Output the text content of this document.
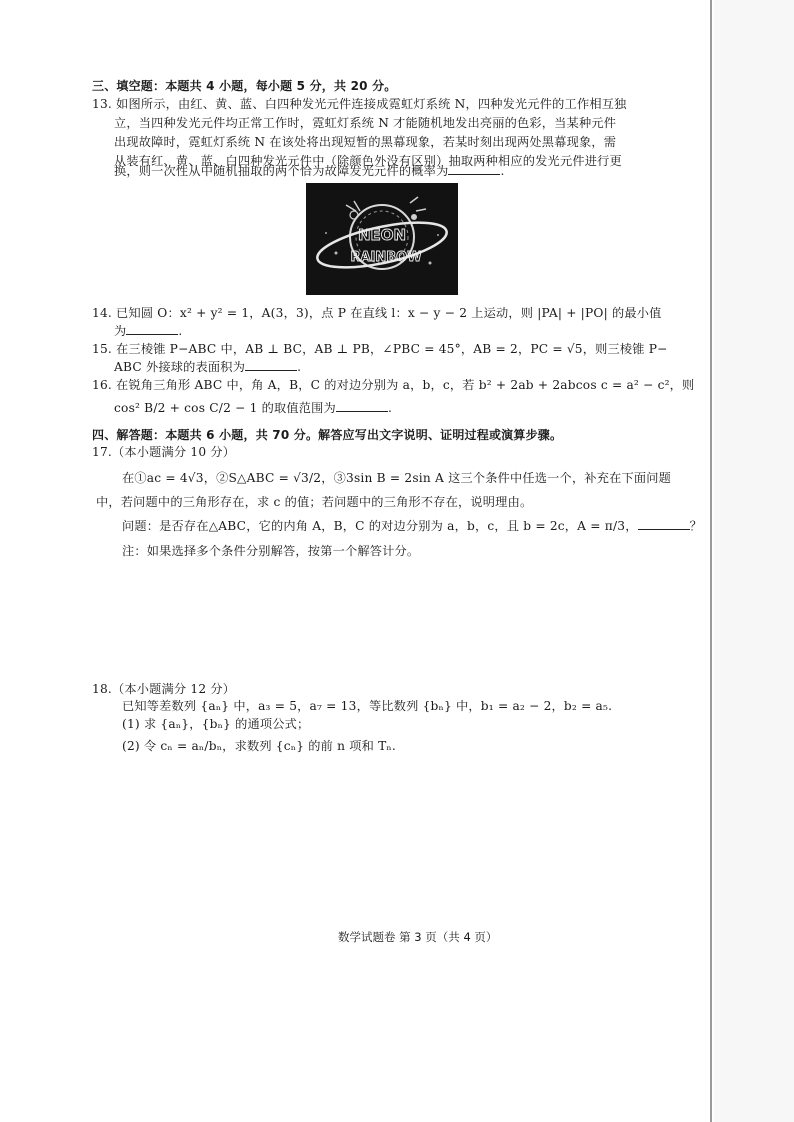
三、填空题：本题共 4 小题，每小题 5 分，共 20 分。
13. 如图所示，由红、黄、蓝、白四种发光元件连接成霓虹灯系统 N，四种发光元件的工作相互独
立，当四种发光元件均正常工作时，霓虹灯系统 N 才能随机地发出亮丽的色彩，当某种元件
出现故障时，霓虹灯系统 N 在该处将出现短暂的黑幕现象，若某时刻出现两处黑幕现象，需
从装有红、黄、蓝、白四种发光元件中（除颜色外没有区别）抽取两种相应的发光元件进行更
换，则一次性从中随机抽取的两个恰为故障发光元件的概率为	.
NEON
RAINBOW
14. 已知圆 O：x² + y² = 1，A(3，3)，点 P 在直线 l：x − y − 2 上运动，则 |PA| + |PO| 的最小值
为	.
15. 在三棱锥 P−ABC 中，AB ⊥ BC，AB ⊥ PB，∠PBC = 45°，AB = 2，PC = √5，则三棱锥 P−
ABC 外接球的表面积为	.
16. 在锐角三角形 ABC 中，角 A，B，C 的对边分别为 a，b，c，若 b² + 2ab + 2abcos c = a² − c²，则
cos² B/2 + cos C/2 − 1 的取值范围为	.
四、解答题：本题共 6 小题，共 70 分。解答应写出文字说明、证明过程或演算步骤。
17.（本小题满分 10 分）
在①ac = 4√3，②S△ABC = √3/2，③3sin B = 2sin A 这三个条件中任选一个，补充在下面问题
中，若问题中的三角形存在，求 c 的值；若问题中的三角形不存在，说明理由。
问题：是否存在△ABC，它的内角 A，B，C 的对边分别为 a，b，c，且 b = 2c，A = π/3，	？
注：如果选择多个条件分别解答，按第一个解答计分。
18.（本小题满分 12 分）
已知等差数列 {aₙ} 中，a₃ = 5，a₇ = 13，等比数列 {bₙ} 中，b₁ = a₂ − 2，b₂ = a₅.
(1) 求 {aₙ}，{bₙ} 的通项公式；
(2) 令 cₙ = aₙ/bₙ，求数列 {cₙ} 的前 n 项和 Tₙ.
数学试题卷 第 3 页（共 4 页）
